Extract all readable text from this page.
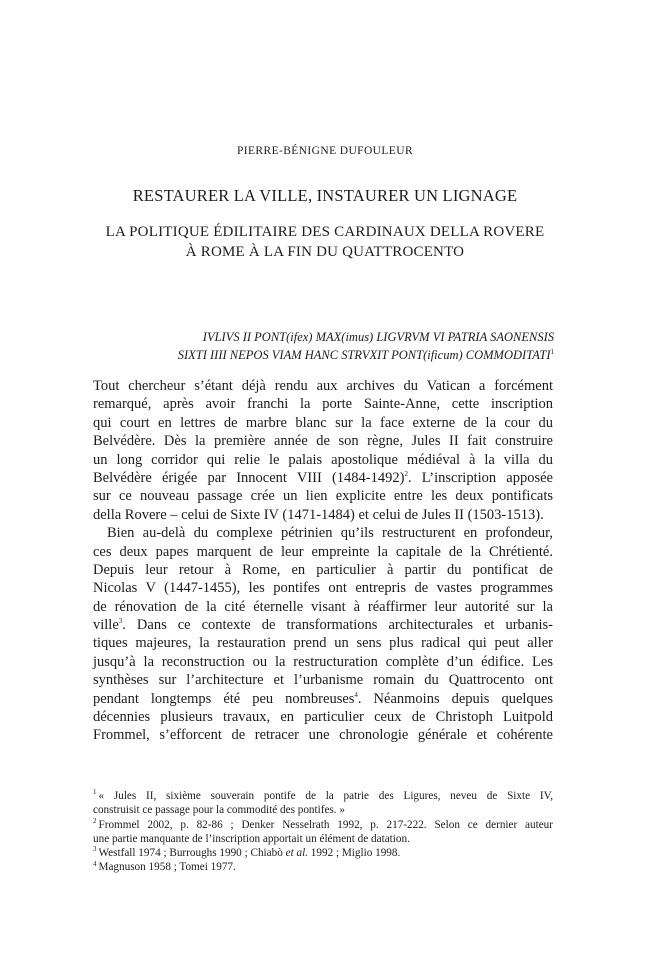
PIERRE-BÉNIGNE DUFOULEUR
RESTAURER LA VILLE, INSTAURER UN LIGNAGE
LA POLITIQUE ÉDILITAIRE DES CARDINAUX DELLA ROVERE
À ROME À LA FIN DU QUATTROCENTO
IVLIVS II PONT(ifex) MAX(imus) LIGVRVM VI PATRIA SAONENSIS
SIXTI IIII NEPOS VIAM HANC STRVXIT PONT(ificum) COMMODITATI$^1$
Tout chercheur s’étant déjà rendu aux archives du Vatican a forcément
remarqué, après avoir franchi la porte Sainte-Anne, cette inscription
qui court en lettres de marbre blanc sur la face externe de la cour du
Belvédère. Dès la première année de son règne, Jules II fait construire
un long corridor qui relie le palais apostolique médiéval à la villa du
Belvédère érigée par Innocent VIII (1484-1492)$^2$. L’inscription apposée
sur ce nouveau passage crée un lien explicite entre les deux pontificats
della Rovere – celui de Sixte IV (1471-1484) et celui de Jules II (1503-1513).
Bien au-delà du complexe pétrinien qu’ils restructurent en profondeur,
ces deux papes marquent de leur empreinte la capitale de la Chrétienté.
Depuis leur retour à Rome, en particulier à partir du pontificat de
Nicolas V (1447-1455), les pontifes ont entrepris de vastes programmes
de rénovation de la cité éternelle visant à réaffirmer leur autorité sur la
ville$^3$. Dans ce contexte de transformations architecturales et urbanis-
tiques majeures, la restauration prend un sens plus radical qui peut aller
jusqu’à la reconstruction ou la restructuration complète d’un édifice. Les
synthèses sur l’architecture et l’urbanisme romain du Quattrocento ont
pendant longtemps été peu nombreuses$^4$. Néanmoins depuis quelques
décennies plusieurs travaux, en particulier ceux de Christoph Luitpold
Frommel, s’efforcent de retracer une chronologie générale et cohérente
$^1$ « Jules II, sixième souverain pontife de la patrie des Ligures, neveu de Sixte IV,
construisit ce passage pour la commodité des pontifes. »
$^2$ Frommel 2002, p. 82-86 ; Denker Nesselrath 1992, p. 217-222. Selon ce dernier auteur
une partie manquante de l’inscription apportait un élément de datation.
$^3$ Westfall 1974 ; Burroughs 1990 ; Chiabò et al. 1992 ; Miglio 1998.
$^4$ Magnuson 1958 ; Tomei 1977.
